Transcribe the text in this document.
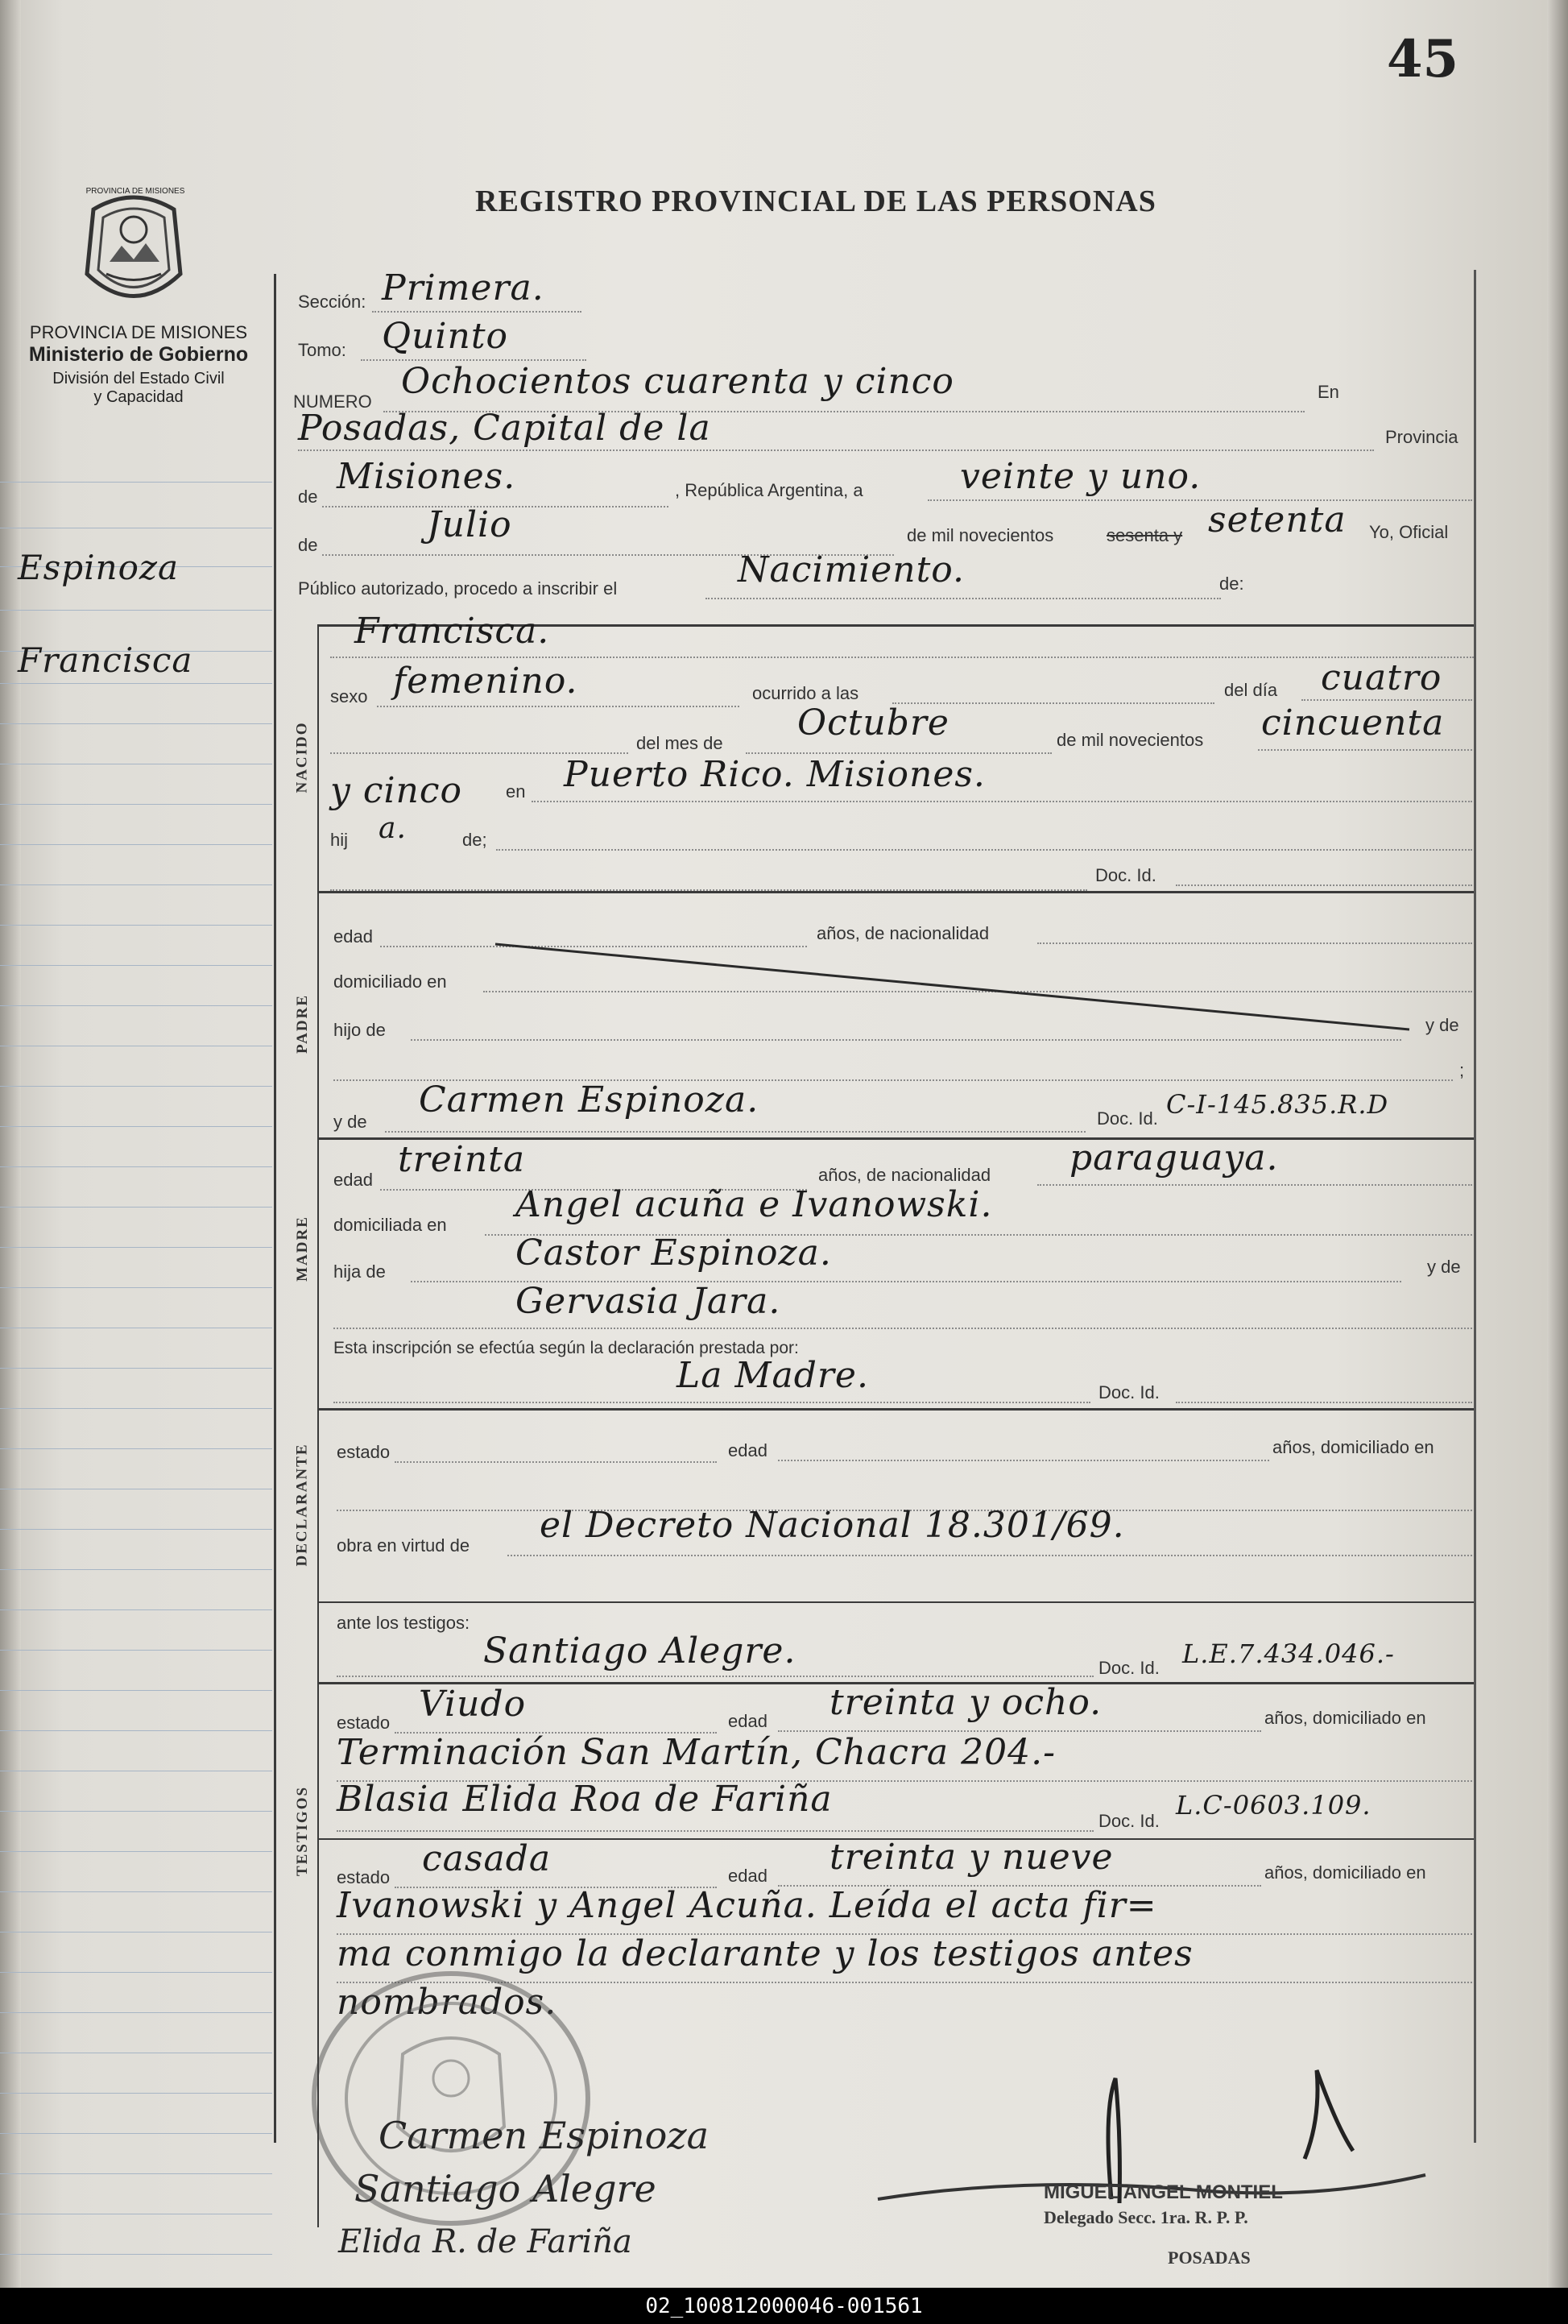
45
PROVINCIA DE MISIONES
PROVINCIA DE MISIONES
Ministerio de Gobierno
División del Estado Civil
y Capacidad
Espinoza
Francisca
REGISTRO PROVINCIAL DE LAS PERSONAS
Sección: Primera.
Tomo: Quinto
NUMERO Ochocientos cuarenta y cinco	En
Posadas, Capital de la	Provincia
de Misiones.	, República Argentina, a	veinte y uno.
de	Julio	de mil novecientos	sesenta y setenta Yo, Oficial
Público autorizado, procedo a inscribir el	Nacimiento.	de:
NACIDO
Francisca.
sexo femenino.	ocurrido a las	del día cuatro
del mes de Octubre	de mil novecientos cincuenta
y cinco en Puerto Rico. Misiones.
hij a.	de;
Doc. Id.
PADRE
edad	años, de nacionalidad
domiciliado en
hijo de	y de
;
y de
Carmen Espinoza.	Doc. Id. C-I-145.835.R.D
MADRE
edad treinta	años, de nacionalidad paraguaya.
domiciliada en Angel acuña e Ivanowski.
hija de	Castor Espinoza.	y de
Gervasia Jara.
Esta inscripción se efectúa según la declaración prestada por:
La Madre.	Doc. Id.
DECLARANTE estado	edad	años, domiciliado en
obra en virtud de el Decreto Nacional 18.301/69.
ante los testigos:
Santiago Alegre.	Doc. Id. L.E.7.434.046.-
TESTIGOS
estado Viudo	edad treinta y ocho.	años, domiciliado en
Terminación San Martín, Chacra 204.-
Blasia Elida Roa de Fariña
Doc. Id.
L.C-0603.109.
estado casada	edad treinta y nueve	años, domiciliado en
Ivanowski y Angel Acuña. Leída el acta fir=
ma conmigo la declarante y los testigos antes
nombrados.
Carmen Espinoza
Santiago Alegre
Elida R. de Fariña
MIGUEL ANGEL MONTIEL
Delegado Secc. 1ra. R. P. P.
POSADAS
02_100812000046-001561
